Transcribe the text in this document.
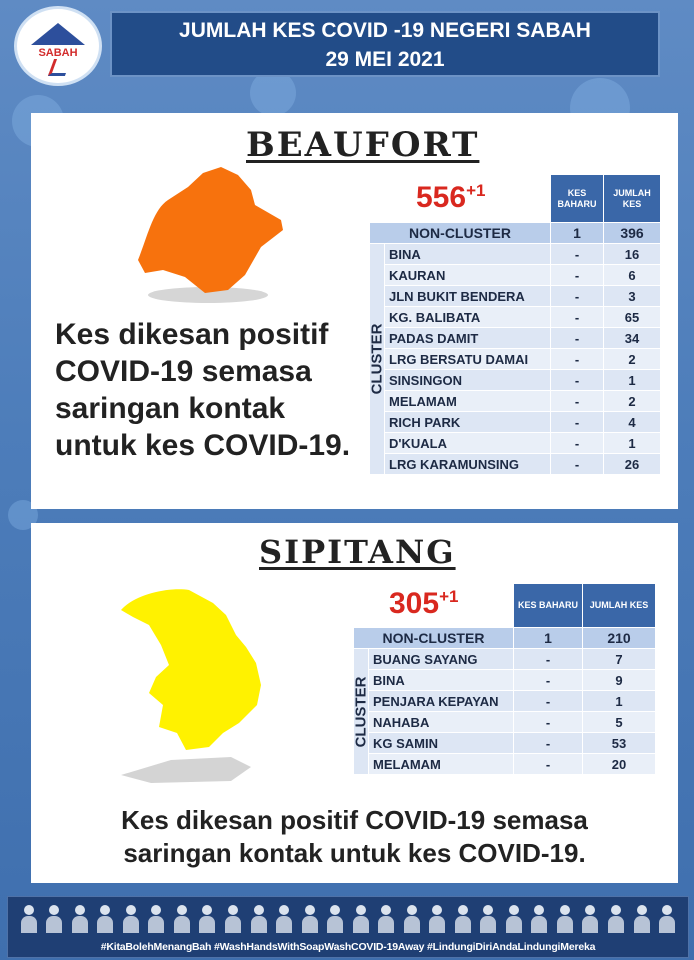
SABAH
JUMLAH KES COVID -19 NEGERI SABAH
29 MEI 2021
BEAUFORT
$556^{+1}$
Kes dikesan positif COVID-19 semasa saringan kontak untuk kes COVID-19.
		KES BAHARU	JUMLAH KES
NON-CLUSTER		1	396

CLUSTER	BINA	-	16
	KAURAN	-	6
	JLN BUKIT BENDERA	-	3
	KG. BALIBATA	-	65
	PADAS DAMIT	-	34
	LRG BERSATU DAMAI	-	2
	SINSINGON	-	1
	MELAMAM	-	2
	RICH PARK	-	4
	D'KUALA	-	1
	LRG KARAMUNSING	-	26
SIPITANG
$305^{+1}$
		KES BAHARU	JUMLAH KES
NON-CLUSTER		1	210

CLUSTER	BUANG SAYANG	-	7
	BINA	-	9
	PENJARA KEPAYAN	-	1
	NAHABA	-	5
	KG SAMIN	-	53
	MELAMAM	-	20
Kes dikesan positif COVID-19 semasa
saringan kontak untuk kes COVID-19.
#KitaBolehMenangBah #WashHandsWithSoapWashCOVID-19Away #LindungiDiriAndaLindungiMereka
